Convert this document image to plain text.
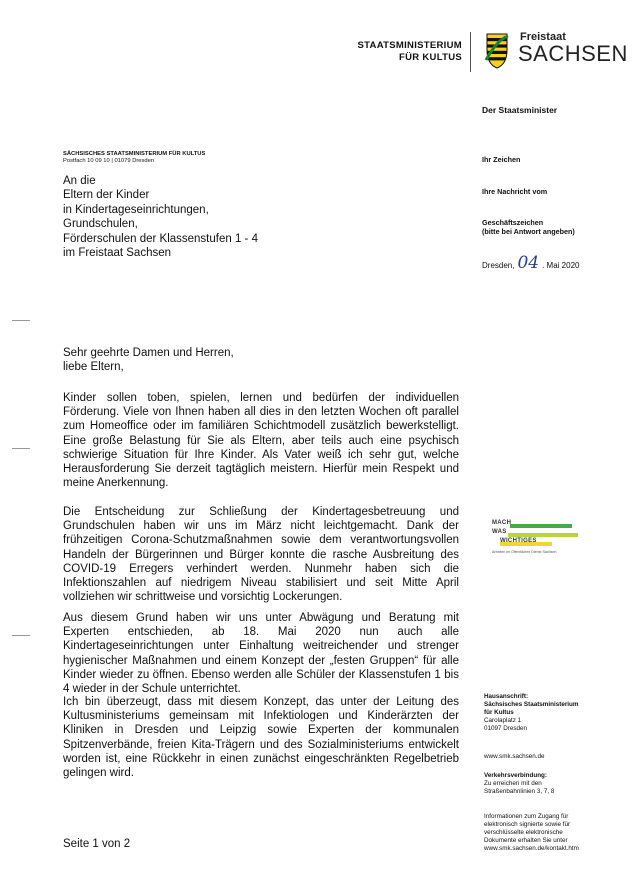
STAATSMINISTERIUM
FÜR KULTUS
Freistaat
SACHSEN
Der Staatsminister
SÄCHSISCHES STAATSMINISTERIUM FÜR KULTUS
Postfach 10 09 10 | 01079 Dresden
An die
Eltern der Kinder
in Kindertageseinrichtungen,
Grundschulen,
Förderschulen der Klassenstufen 1 - 4
im Freistaat Sachsen
Ihr Zeichen
Ihre Nachricht vom
Geschäftszeichen
(bitte bei Antwort angeben)
Dresden, 04 . Mai 2020
Sehr geehrte Damen und Herren,
liebe Eltern,

Kinder sollen toben, spielen, lernen und bedürfen der individuellen Förderung. Viele von Ihnen haben all dies in den letzten Wochen oft parallel zum Homeoffice oder im familiären Schichtmodell zusätzlich bewerkstelligt. Eine große Belastung für Sie als Eltern, aber teils auch eine psychisch schwierige Situation für Ihre Kinder. Als Vater weiß ich sehr gut, welche Herausforderung Sie derzeit tagtäglich meistern. Hierfür mein Respekt und meine Anerkennung.

Die Entscheidung zur Schließung der Kindertagesbetreuung und Grundschulen haben wir uns im März nicht leichtgemacht. Dank der frühzeitigen Corona-Schutzmaßnahmen sowie dem verantwortungsvollen Handeln der Bürgerinnen und Bürger konnte die rasche Ausbreitung des COVID-19 Erregers verhindert werden. Nunmehr haben sich die Infektionszahlen auf niedrigem Niveau stabilisiert und seit Mitte April vollziehen wir schrittweise und vorsichtig Lockerungen.

Aus diesem Grund haben wir uns unter Abwägung und Beratung mit Experten entschieden, ab 18. Mai 2020 nun auch alle Kindertageseinrichtungen unter Einhaltung weitreichender und strenger hygienischer Maßnahmen und einem Konzept der „festen Gruppen“ für alle Kinder wieder zu öffnen. Ebenso werden alle Schüler der Klassenstufen 1 bis 4 wieder in der Schule unterrichtet.

Ich bin überzeugt, dass mit diesem Konzept, das unter der Leitung des Kultusministeriums gemeinsam mit Infektiologen und Kinderärzten der Kliniken in Dresden und Leipzig sowie Experten der kommunalen Spitzenverbände, freien Kita-Trägern und des Sozialministeriums entwickelt worden ist, eine Rückkehr in einen zunächst eingeschränkten Regelbetrieb gelingen wird.

MACH
WAS
WICHTIGES
Arbeiten im Öffentlichen Dienst Sachsen
Hausanschrift:
Sächsisches Staatsministerium
für Kultus
Carolaplatz 1
01097 Dresden
www.smk.sachsen.de
Verkehrsverbindung:
Zu erreichen mit den
Straßenbahnlinien 3, 7, 8
Informationen zum Zugang für
elektronisch signierte sowie für
verschlüsselte elektronische
Dokumente erhalten Sie unter
www.smk.sachsen.de/kontakt.htm
Seite 1 von 2
